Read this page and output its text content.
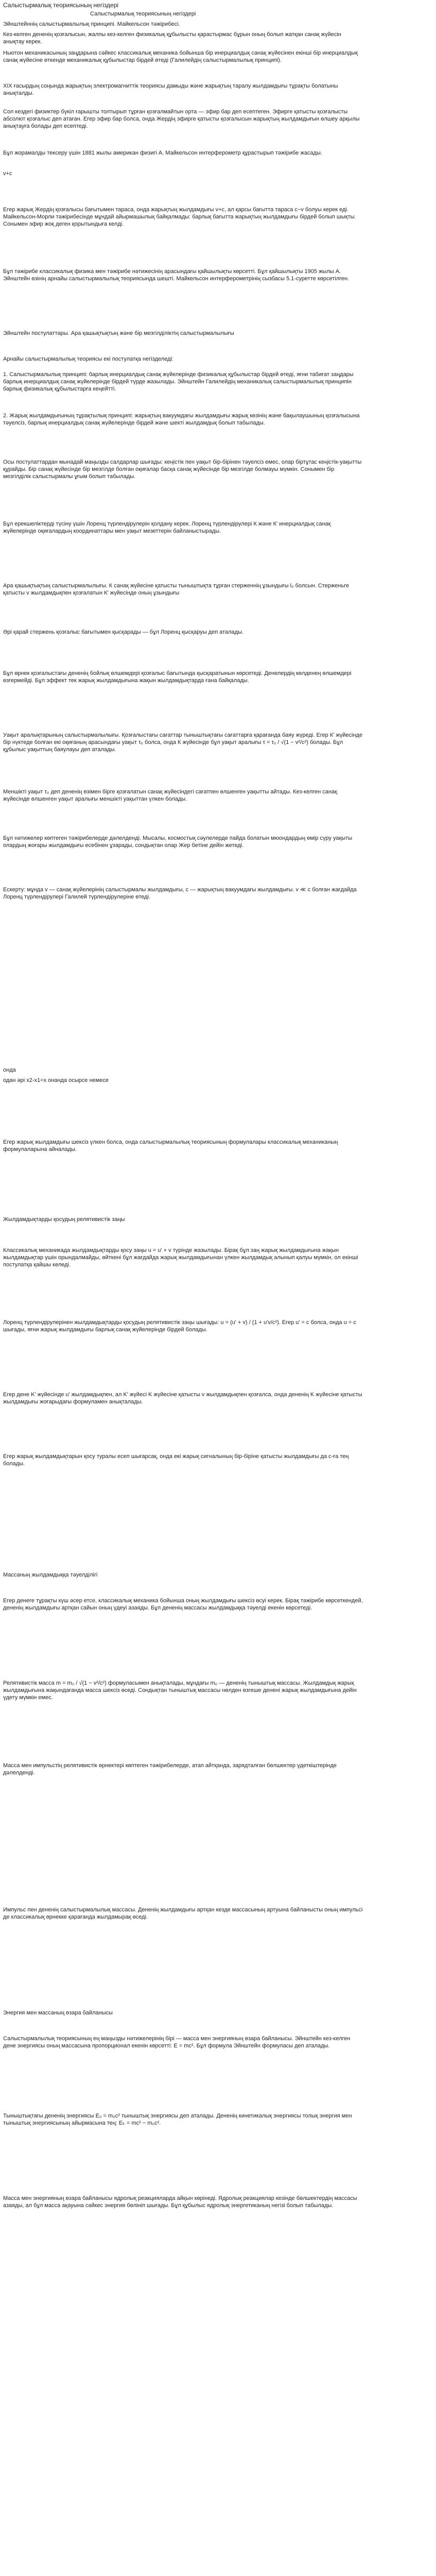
Салыстырмалық теориясының негіздері
Салыстырмалық теориясының негіздері

Эйнштейннің салыстырмалылық принципі. Майкельсон тәжірибесі.

Кез-келген дененің қозғалысын, жалпы кез-келген физикалық құбылысты қарастырмас бұрын оның болып жатқан санақ жүйесін анықтау керек.

Ньютон механикасының заңдарына сәйкес классикалық механика бойынша бір инерциалдық санақ жүйесінен екінші бір инерциалдық санақ жүйесіне өткенде механикалық құбылыстар бірдей өтеді (Галилейдің салыстырмалылық принципі).

ХІХ ғасырдың соңында жарықтың электромагниттік теориясы дамыды және жарықтың таралу жылдамдығы тұрақты болатыны анықталды.

Сол кездегі физиктер бүкіл ғарышты толтырып тұрған қозғалмайтын орта — эфир бар деп есептеген. Эфирге қатысты қозғалысты абсолют қозғалыс деп атаған. Егер эфир бар болса, онда Жердің эфирге қатысты қозғалысын жарықтың жылдамдығын өлшеу арқылы анықтауға болады деп есептеді.

Бұл жорамалды тексеру үшін 1881 жылы американ физигі А. Майкельсон интерферометр құрастырып тәжірибе жасады.

v+c

Егер жарық Жердің қозғалысы бағытымен тараса, онда жарықтың жылдамдығы v+c, ал қарсы бағытта тараса c−v болуы керек еді. Майкельсон-Морли тәжірибесінде мұндай айырмашылық байқалмады: барлық бағытта жарықтың жылдамдығы бірдей болып шықты. Сонымен эфир жоқ деген қорытындыға келді.

Бұл тәжірибе классикалық физика мен тәжірибе нәтижесінің арасындағы қайшылықты көрсетті. Бұл қайшылықты 1905 жылы А. Эйнштейн өзінің арнайы салыстырмалылық теориясында шешті. Майкельсон интерферометрінің сызбасы 5.1-суретте көрсетілген.

Эйнштейн постулаттары. Ара қашықтықтың және бір мезгілділіктің салыстырмалылығы

Арнайы салыстырмалылық теориясы екі постулатқа негізделеді:

1. Салыстырмалылық принципі: барлық инерциалдық санақ жүйелерінде физикалық құбылыстар бірдей өтеді, яғни табиғат заңдары барлық инерциалдық санақ жүйелерінде бірдей түрде жазылады. Эйнштейн Галилейдің механикалық салыстырмалылық принципін барлық физикалық құбылыстарға кеңейтті.

2. Жарық жылдамдығының тұрақтылық принципі: жарықтың вакуумдағы жылдамдығы жарық көзінің және бақылаушының қозғалысына тәуелсіз, барлық инерциалдық санақ жүйелерінде бірдей және шекті жылдамдық болып табылады.

Осы постулаттардан мынадай маңызды салдарлар шығады: кеңістік пен уақыт бір-бірінен тәуелсіз емес, олар біртұтас кеңістік-уақытты құрайды. Бір санақ жүйесінде бір мезгілде болған оқиғалар басқа санақ жүйесінде бір мезгілде болмауы мүмкін. Сонымен бір мезгілділік салыстырмалы ұғым болып табылады.

Бұл ерекшеліктерді түсіну үшін Лоренц түрлендірулерін қолдану керек. Лоренц түрлендірулері К және К' инерциалдық санақ жүйелерінде оқиғалардың координаттары мен уақыт мезеттерін байланыстырады.

Ара қашықтықтың салыстырмалылығы. К санақ жүйесіне қатысты тыныштықта тұрған стерженнің ұзындығы l₀ болсын. Стерженьге қатысты v жылдамдықпен қозғалатын К' жүйесінде оның ұзындығы

Әрі қарай стержень қозғалыс бағытымен қысқарады — бұл Лоренц қысқаруы деп аталады.

Бұл өрнек қозғалыстағы дененің бойлық өлшемдері қозғалыс бағытында қысқаратынын көрсетеді. Денелердің көлденең өлшемдері өзгермейді. Бұл эффект тек жарық жылдамдығына жақын жылдамдықтарда ғана байқалады.

Уақыт аралықтарының салыстырмалылығы. Қозғалыстағы сағаттар тыныштықтағы сағаттарға қарағанда баяу жүреді. Егер К' жүйесінде бір нүктеде болған екі оқиғаның арасындағы уақыт τ₀ болса, онда К жүйесінде бұл уақыт аралығы τ = τ₀ / √(1 − v²/c²) болады. Бұл құбылыс уақыттың баяулауы деп аталады.

Меншікті уақыт τ₀ деп дененің өзімен бірге қозғалатын санақ жүйесіндегі сағатпен өлшенген уақытты айтады. Кез-келген санақ жүйесінде өлшенген уақыт аралығы меншікті уақыттан үлкен болады.

Бұл нәтижелер көптеген тәжірибелерде дәлелденді. Мысалы, космостық сәулелерде пайда болатын мюондардың өмір сүру уақыты олардың жоғары жылдамдығы есебінен ұзарады, сондықтан олар Жер бетіне дейін жетеді.

Ескерту: мұнда v — санақ жүйелерінің салыстырмалы жылдамдығы, c — жарықтың вакуумдағы жылдамдығы. v ≪ c болған жағдайда Лоренц түрлендірулері Галилей түрлендірулеріне өтеді.

онда

одан әрі x2-x1=x онанда осырсе немесе

Егер жарық жылдамдығы шексіз үлкен болса, онда салыстырмалылық теориясының формулалары классикалық механиканың формулаларына айналады.

Жылдамдықтарды қосудың релятивистік заңы

Классикалық механикада жылдамдықтарды қосу заңы u = u' + v түрінде жазылады. Бірақ бұл заң жарық жылдамдығына жақын жылдамдықтар үшін орындалмайды, өйткені бұл жағдайда жарық жылдамдығынан үлкен жылдамдық алынып қалуы мүмкін, ол екінші постулатқа қайшы келеді.

Лоренц түрлендірулерінен жылдамдықтарды қосудың релятивистік заңы шығады: u = (u' + v) / (1 + u'v/c²). Егер u' = c болса, онда u = c шығады, яғни жарық жылдамдығы барлық санақ жүйелерінде бірдей болады.

Егер дене K' жүйесінде u' жылдамдықпен, ал K' жүйесі K жүйесіне қатысты v жылдамдықпен қозғалса, онда дененің K жүйесіне қатысты жылдамдығы жоғарыдағы формуламен анықталады.

Егер жарық жылдамдықтарын қосу туралы есеп шығарсақ, онда екі жарық сигналының бір-біріне қатысты жылдамдығы да c-ға тең болады.

Массаның жылдамдыққа тәуелділігі

Егер денеге тұрақты күш әсер етсе, классикалық механика бойынша оның жылдамдығы шексіз өсуі керек. Бірақ тәжірибе көрсеткендей, дененің жылдамдығы артқан сайын оның үдеуі азаяды. Бұл дененің массасы жылдамдыққа тәуелді екенін көрсетеді.

Релятивистік масса m = m₀ / √(1 − v²/c²) формуласымен анықталады, мұндағы m₀ — дененің тыныштық массасы. Жылдамдық жарық жылдамдығына жақындағанда масса шексіз өседі. Сондықтан тыныштық массасы нөлден өзгеше денені жарық жылдамдығына дейін үдету мүмкін емес.

Масса мен импульстің релятивистік өрнектері көптеген тәжірибелерде, атап айтқанда, зарядталған бөлшектер үдеткіштерінде дәлелденді.

Импульс пен дененің салыстырмалылық массасы. Дененің жылдамдығы артқан кезде массасының артуына байланысты оның импульсі де классикалық өрнекке қарағанда жылдамырақ өседі.

Энергия мен массаның өзара байланысы

Салыстырмалылық теориясының ең маңызды нәтижелерінің бірі — масса мен энергияның өзара байланысы. Эйнштейн кез-келген дене энергиясы оның массасына пропорционал екенін көрсетті: E = mc². Бұл формула Эйнштейн формуласы деп аталады.

Тыныштықтағы дененің энергиясы E₀ = m₀c² тыныштық энергиясы деп аталады. Дененің кинетикалық энергиясы толық энергия мен тыныштық энергиясының айырмасына тең: Eₖ = mc² − m₀c².

Масса мен энергияның өзара байланысы ядролық реакцияларда айқын көрінеді. Ядролық реакциялар кезінде бөлшектердің массасы азаяды, ал бұл масса ақауына сәйкес энергия бөлініп шығады. Бұл құбылыс ядролық энергетиканың негізі болып табылады.
